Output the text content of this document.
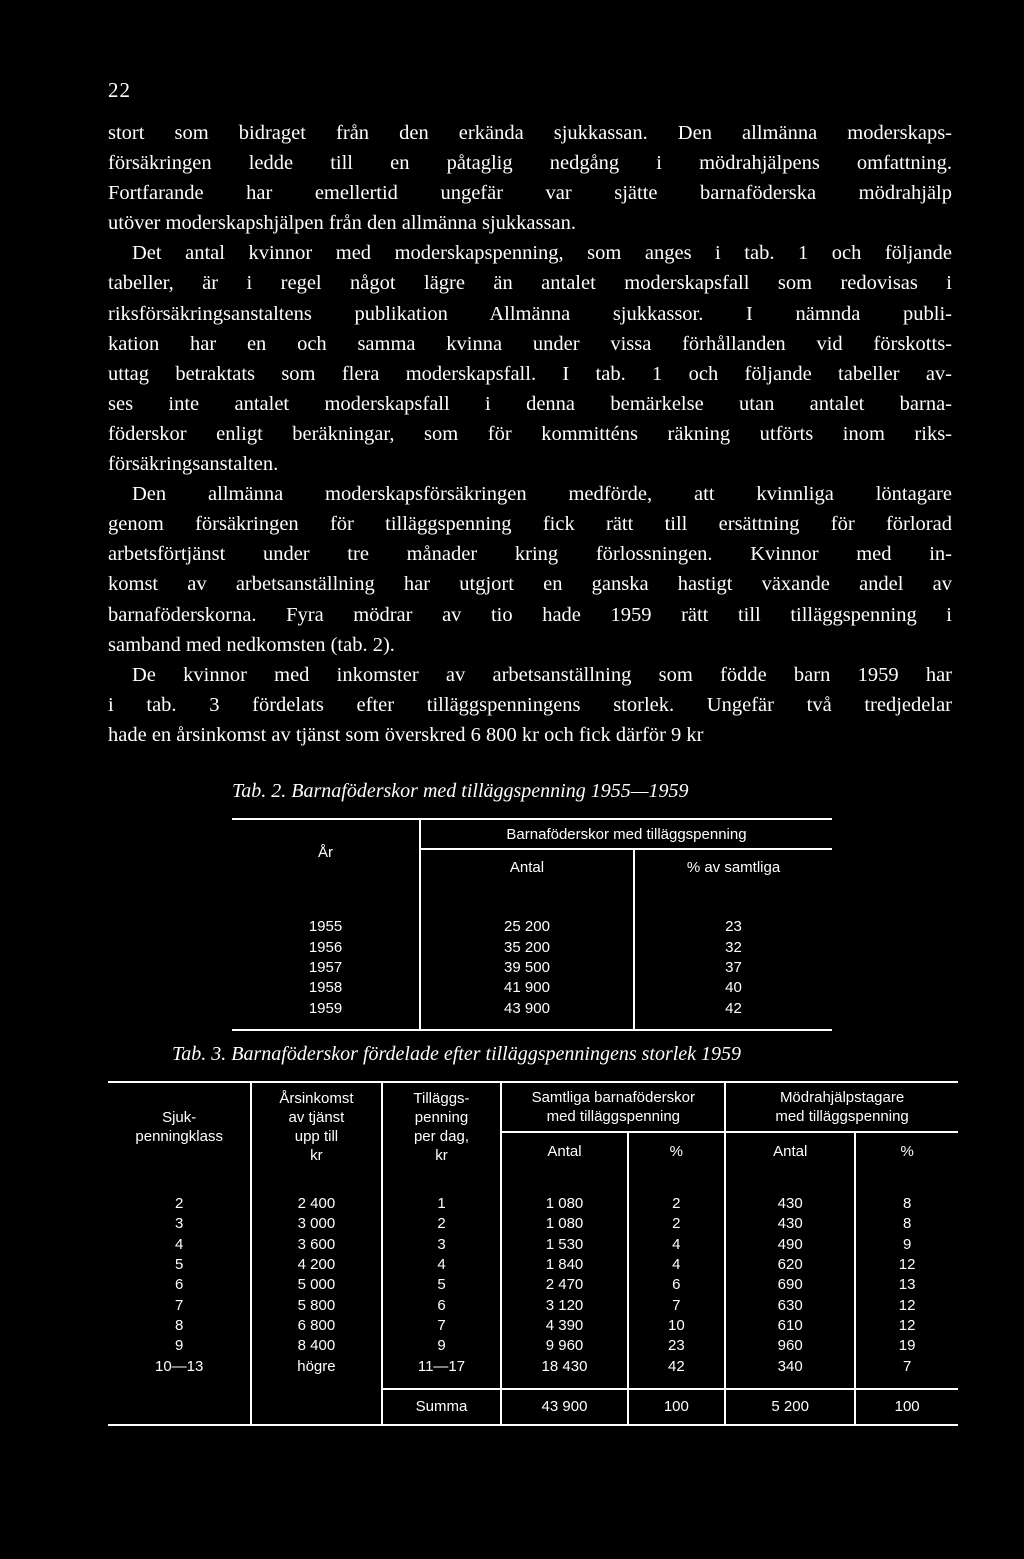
22
stort som bidraget från den erkända sjukkassan. Den allmänna moderskaps-
försäkringen ledde till en påtaglig nedgång i mödrahjälpens omfattning.
Fortfarande har emellertid ungefär var sjätte barnaföderska mödrahjälp
utöver moderskapshjälpen från den allmänna sjukkassan.
Det antal kvinnor med moderskapspenning, som anges i tab. 1 och följande
tabeller, är i regel något lägre än antalet moderskapsfall som redovisas i
riksförsäkringsanstaltens publikation Allmänna sjukkassor. I nämnda publi-
kation har en och samma kvinna under vissa förhållanden vid förskotts-
uttag betraktats som flera moderskapsfall. I tab. 1 och följande tabeller av-
ses inte antalet moderskapsfall i denna bemärkelse utan antalet barna-
föderskor enligt beräkningar, som för kommitténs räkning utförts inom riks-
försäkringsanstalten.
Den allmänna moderskapsförsäkringen medförde, att kvinnliga löntagare
genom försäkringen för tilläggspenning fick rätt till ersättning för förlorad
arbetsförtjänst under tre månader kring förlossningen. Kvinnor med in-
komst av arbetsanställning har utgjort en ganska hastigt växande andel av
barnaföderskorna. Fyra mödrar av tio hade 1959 rätt till tilläggspenning i
samband med nedkomsten (tab. 2).
De kvinnor med inkomster av arbetsanställning som födde barn 1959 har
i tab. 3 fördelats efter tilläggspenningens storlek. Ungefär två tredjedelar
hade en årsinkomst av tjänst som överskred 6 800 kr och fick därför 9 kr
Tab. 2. Barnaföderskor med tilläggspenning 1955—1959
År	Barnaföderskor med tilläggspenning	
	Antal	% av samtliga

1955	25 200	23
1956	35 200	32
1957	39 500	37
1958	41 900	40
1959	43 900	42

Tab. 3. Barnaföderskor fördelade efter tilläggspenningens storlek 1959
Sjuk-
penningklass	Årsinkomst
av tjänst
upp till
kr	Tilläggs-
penning
per dag,
kr	Samtliga barnaföderskor
med tilläggspenning		Mödrahjälpstagare
med tilläggspenning	
			Antal	%	Antal	%

2	2 400	1	1 080	2	430	8
3	3 000	2	1 080	2	430	8
4	3 600	3	1 530	4	490	9
5	4 200	4	1 840	4	620	12
6	5 000	5	2 470	6	690	13
7	5 800	6	3 120	7	630	12
8	6 800	7	4 390	10	610	12
9	8 400	9	9 960	23	960	19
10—13	högre	11—17	18 430	42	340	7

		Summa	43 900	100	5 200	100
